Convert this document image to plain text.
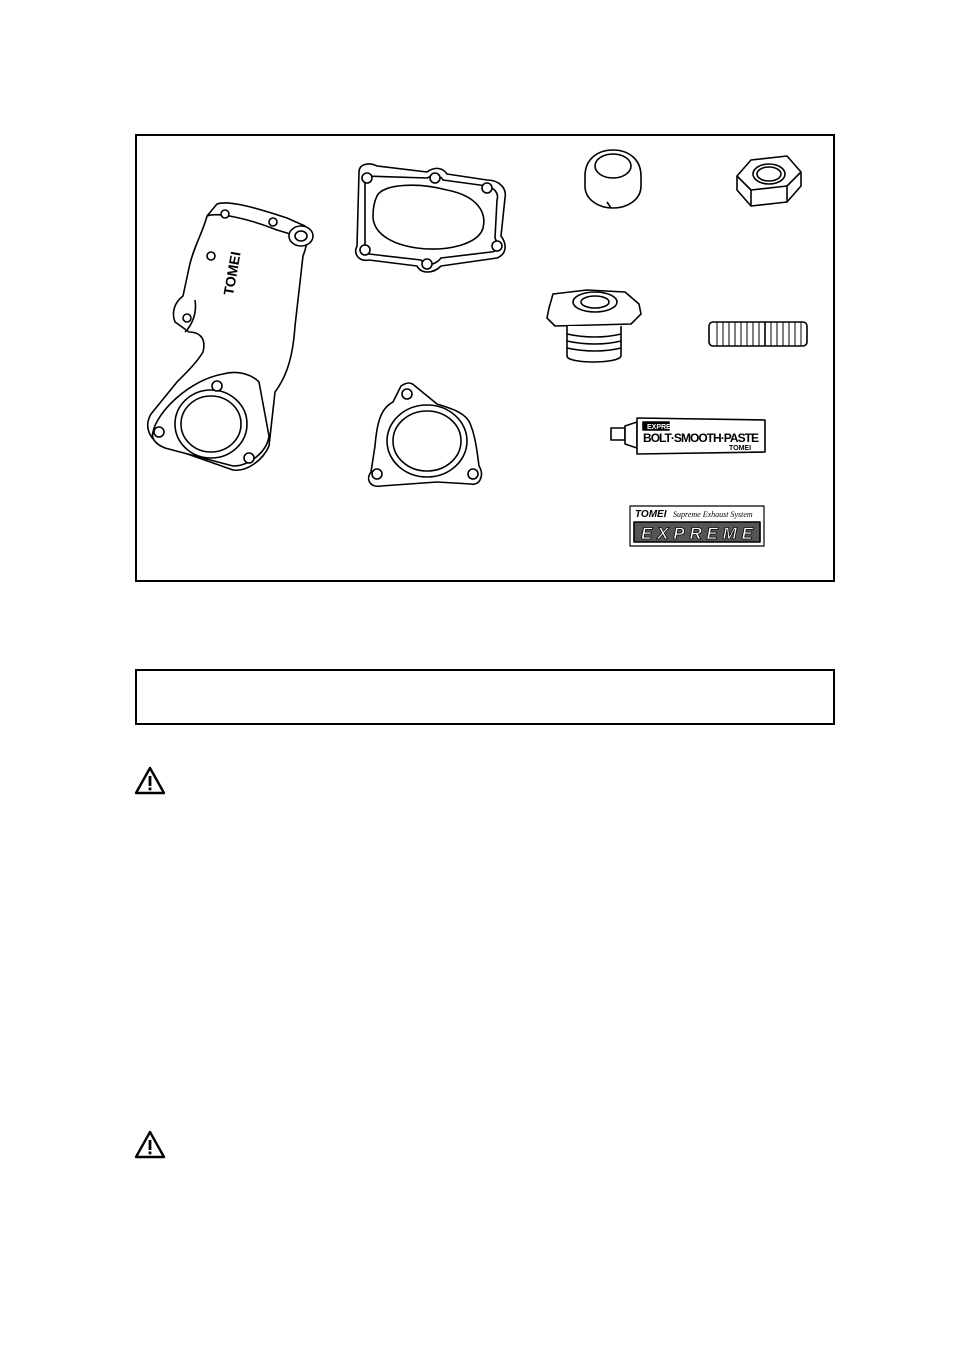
TOMEI
EXPREME
BOLT·SMOOTH·PASTE
TOMEI
TOMEI Supreme Exhaust System
EXPREME
